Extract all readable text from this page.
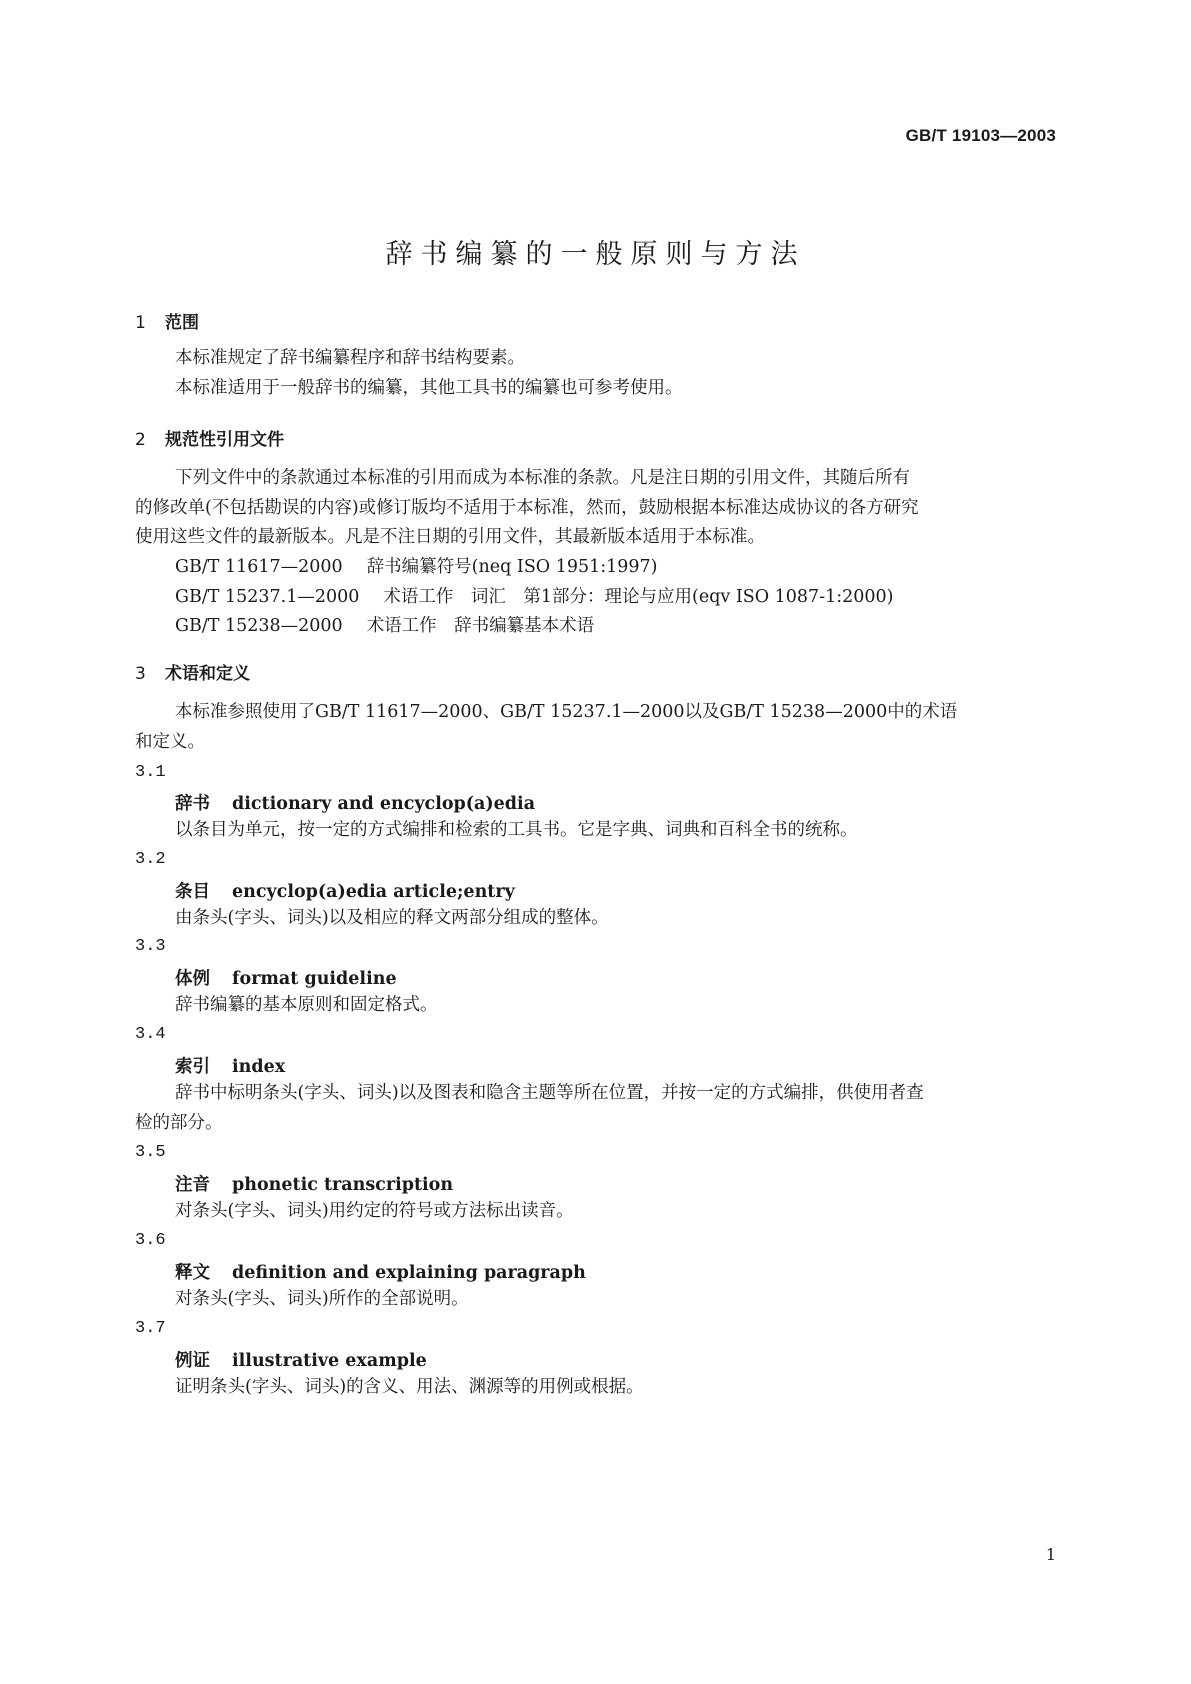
GB/T 19103—2003
辞书编纂的一般原则与方法
1 范围
本标准规定了辞书编纂程序和辞书结构要素。
本标准适用于一般辞书的编纂，其他工具书的编纂也可参考使用。
2 规范性引用文件
下列文件中的条款通过本标准的引用而成为本标准的条款。凡是注日期的引用文件，其随后所有
的修改单(不包括勘误的内容)或修订版均不适用于本标准，然而，鼓励根据本标准达成协议的各方研究
使用这些文件的最新版本。凡是不注日期的引用文件，其最新版本适用于本标准。
GB/T 11617—2000 辞书编纂符号(neq ISO 1951:1997)
GB/T 15237.1—2000 术语工作　词汇　第1部分：理论与应用(eqv ISO 1087-1:2000)
GB/T 15238—2000 术语工作　辞书编纂基本术语
3 术语和定义
本标准参照使用了GB/T 11617—2000、GB/T 15237.1—2000以及GB/T 15238—2000中的术语
和定义。
3.1
辞书 dictionary and encyclop(a)edia
以条目为单元，按一定的方式编排和检索的工具书。它是字典、词典和百科全书的统称。
3.2
条目 encyclop(a)edia article;entry
由条头(字头、词头)以及相应的释文两部分组成的整体。
3.3
体例 format guideline
辞书编纂的基本原则和固定格式。
3.4
索引 index
辞书中标明条头(字头、词头)以及图表和隐含主题等所在位置，并按一定的方式编排，供使用者查
检的部分。
3.5
注音 phonetic transcription
对条头(字头、词头)用约定的符号或方法标出读音。
3.6
释文 definition and explaining paragraph
对条头(字头、词头)所作的全部说明。
3.7
例证 illustrative example
证明条头(字头、词头)的含义、用法、渊源等的用例或根据。
1
